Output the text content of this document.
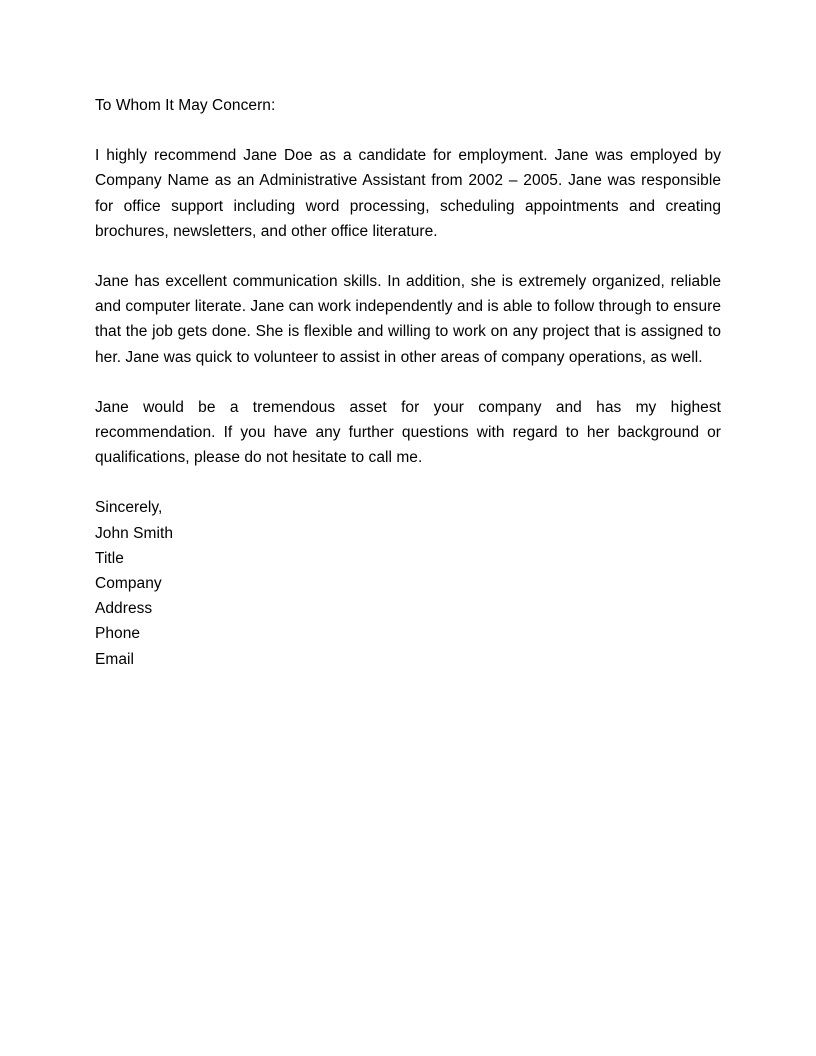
To Whom It May Concern:

I highly recommend Jane Doe as a candidate for employment. Jane was employed by Company Name as an Administrative Assistant from 2002 – 2005. Jane was responsible for office support including word processing, scheduling appointments and creating brochures, newsletters, and other office literature.

Jane has excellent communication skills. In addition, she is extremely organized, reliable and computer literate. Jane can work independently and is able to follow through to ensure that the job gets done. She is flexible and willing to work on any project that is assigned to her. Jane was quick to volunteer to assist in other areas of company operations, as well.

Jane would be a tremendous asset for your company and has my highest recommendation. If you have any further questions with regard to her background or qualifications, please do not hesitate to call me.

Sincerely,

John Smith

Title

Company

Address

Phone

Email
